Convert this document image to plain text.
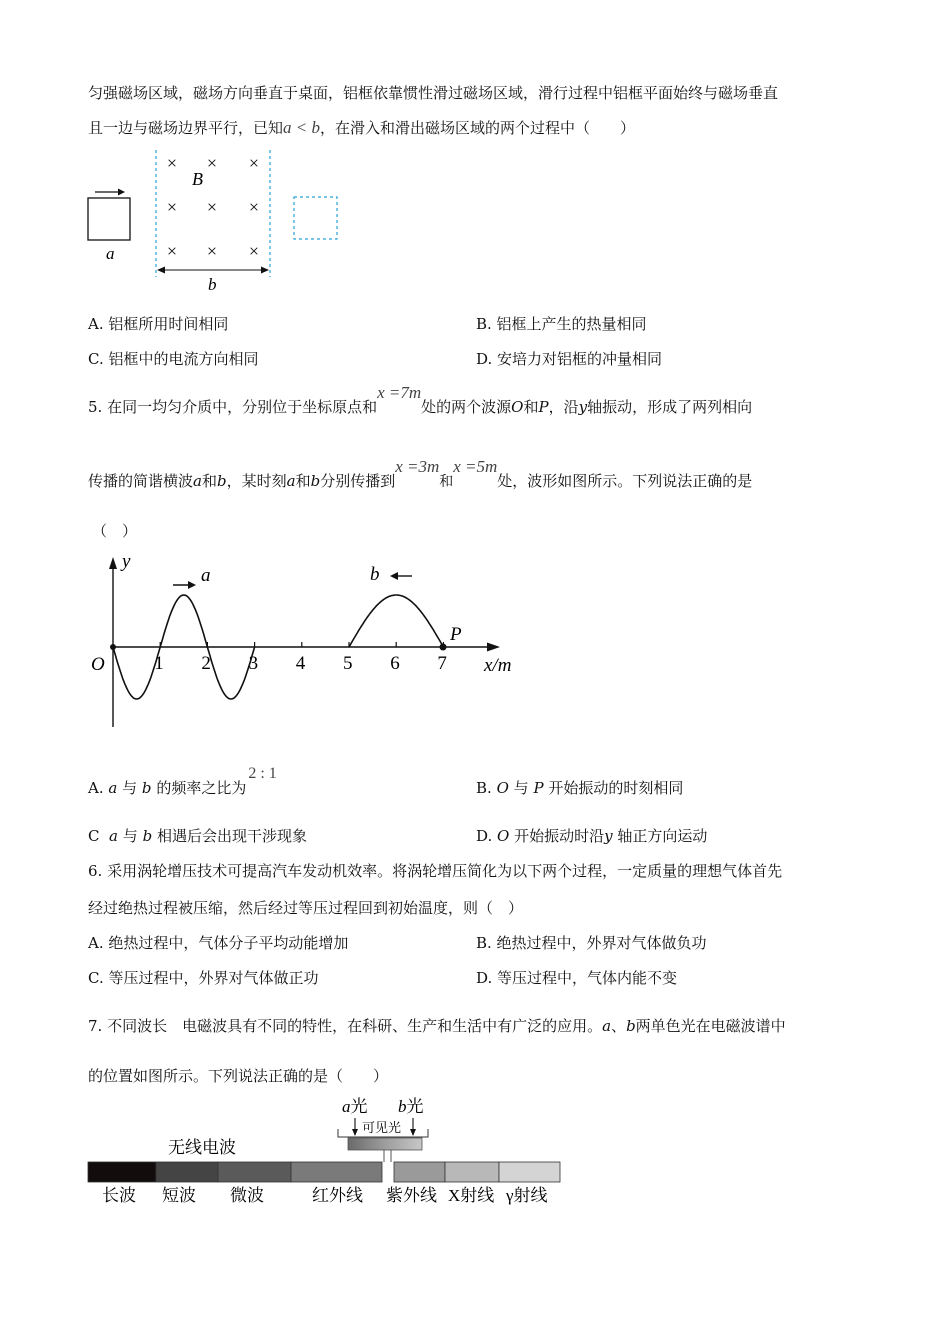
匀强磁场区域，磁场方向垂直于桌面，铝框依靠惯性滑过磁场区域，滑行过程中铝框平面始终与磁场垂直
且一边与磁场边界平行，已知a < b，在滑入和滑出磁场区域的两个过程中（　　）
a
× × ×
× × ×
× × ×
B
b
A. 铝框所用时间相同	B. 铝框上产生的热量相同
C. 铝框中的电流方向相同	D. 安培力对铝框的冲量相同
5. 在同一均匀介质中，分别位于坐标原点和x =7m处的两个波源O和P，沿y轴振动，形成了两列相向
传播的简谐横波a和b，某时刻a和b分别传播到x =3m和x =5m处，波形如图所示。下列说法正确的是
（　）
y
x/m
O	1 2 3 4 5 6 7
P
a	b
A. a 与 b 的频率之比为2 : 1
B. O 与 P 开始振动的时刻相同
C a 与 b 相遇后会出现干涉现象	D. O 开始振动时沿y 轴正方向运动
6. 采用涡轮增压技术可提高汽车发动机效率。将涡轮增压简化为以下两个过程，一定质量的理想气体首先
经过绝热过程被压缩，然后经过等压过程回到初始温度，则（　）
A. 绝热过程中，气体分子平均动能增加	B. 绝热过程中，外界对气体做负功
C. 等压过程中，外界对气体做正功	D. 等压过程中，气体内能不变
7. 不同波长　电磁波具有不同的特性，在科研、生产和生活中有广泛的应用。a、b两单色光在电磁波谱中
的位置如图所示。下列说法正确的是（　　）
a光 b光
可见光
无线电波
长波 短波 微波	红外线 紫外线 X射线 γ射线
